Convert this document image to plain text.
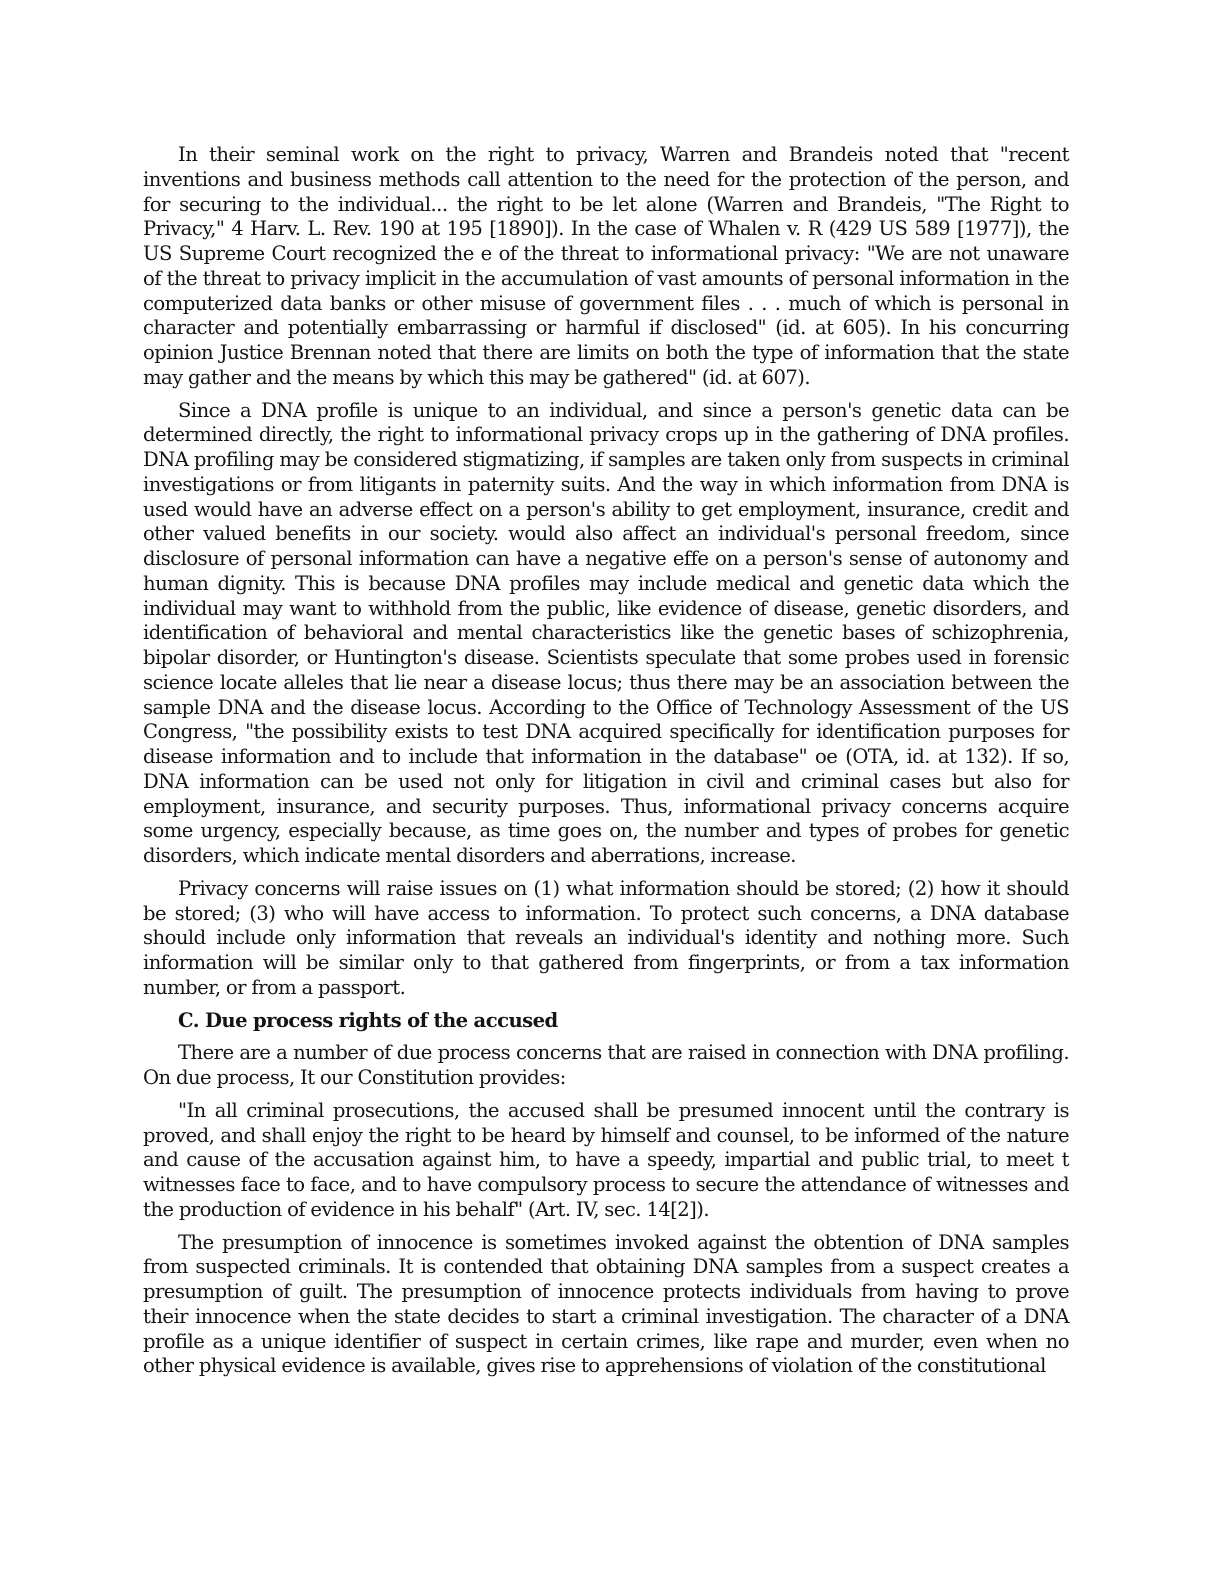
In their seminal work on the right to privacy, Warren and Brandeis noted that "recent inventions and business methods call attention to the need for the protection of the person, and for securing to the individual... the right to be let alone (Warren and Brandeis, "The Right to Privacy," 4 Harv. L. Rev. 190 at 195 [1890]). In the case of Whalen v. R (429 US 589 [1977]), the US Supreme Court recognized the e of the threat to informational privacy: "We are not unaware of the threat to privacy implicit in the accumulation of vast amounts of personal information in the computerized data banks or other misuse of government files . . . much of which is personal in character and potentially embarrassing or harmful if disclosed" (id. at 605). In his concurring opinion Justice Brennan noted that there are limits on both the type of information that the state may gather and the means by which this may be gathered" (id. at 607).

Since a DNA profile is unique to an individual, and since a person's genetic data can be determined directly, the right to informational privacy crops up in the gathering of DNA profiles. DNA profiling may be considered stigmatizing, if samples are taken only from suspects in criminal investigations or from litigants in paternity suits. And the way in which information from DNA is used would have an adverse effect on a person's ability to get employment, insurance, credit and other valued benefits in our society. would also affect an individual's personal freedom, since disclosure of personal information can have a negative effe on a person's sense of autonomy and human dignity. This is because DNA profiles may include medical and genetic data which the individual may want to withhold from the public, like evidence of disease, genetic disorders, and identification of behavioral and mental characteristics like the genetic bases of schizophrenia, bipolar disorder, or Huntington's disease. Scientists speculate that some probes used in forensic science locate alleles that lie near a disease locus; thus there may be an association between the sample DNA and the disease locus. According to the Office of Technology Assessment of the US Congress, "the possibility exists to test DNA acquired specifically for identification purposes for disease information and to include that information in the database" oe (OTA, id. at 132). If so, DNA information can be used not only for litigation in civil and criminal cases but also for employment, insurance, and security purposes. Thus, informational privacy concerns acquire some urgency, especially because, as time goes on, the number and types of probes for genetic disorders, which indicate mental disorders and aberrations, increase.

Privacy concerns will raise issues on (1) what information should be stored; (2) how it should be stored; (3) who will have access to information. To protect such concerns, a DNA database should include only information that reveals an individual's identity and nothing more. Such information will be similar only to that gathered from fingerprints, or from a tax information number, or from a passport.

C. Due process rights of the accused

There are a number of due process concerns that are raised in connection with DNA profiling. On due process, It our Constitution provides:

"In all criminal prosecutions, the accused shall be presumed innocent until the contrary is proved, and shall enjoy the right to be heard by himself and counsel, to be informed of the nature and cause of the accusation against him, to have a speedy, impartial and public trial, to meet t witnesses face to face, and to have compulsory process to secure the attendance of witnesses and the production of evidence in his behalf" (Art. IV, sec. 14[2]).

The presumption of innocence is sometimes invoked against the obtention of DNA samples from suspected criminals. It is contended that obtaining DNA samples from a suspect creates a presumption of guilt. The presumption of innocence protects individuals from having to prove their innocence when the state decides to start a criminal investigation. The character of a DNA profile as a unique identifier of suspect in certain crimes, like rape and murder, even when no other physical evidence is available, gives rise to apprehensions of violation of the constitutional
